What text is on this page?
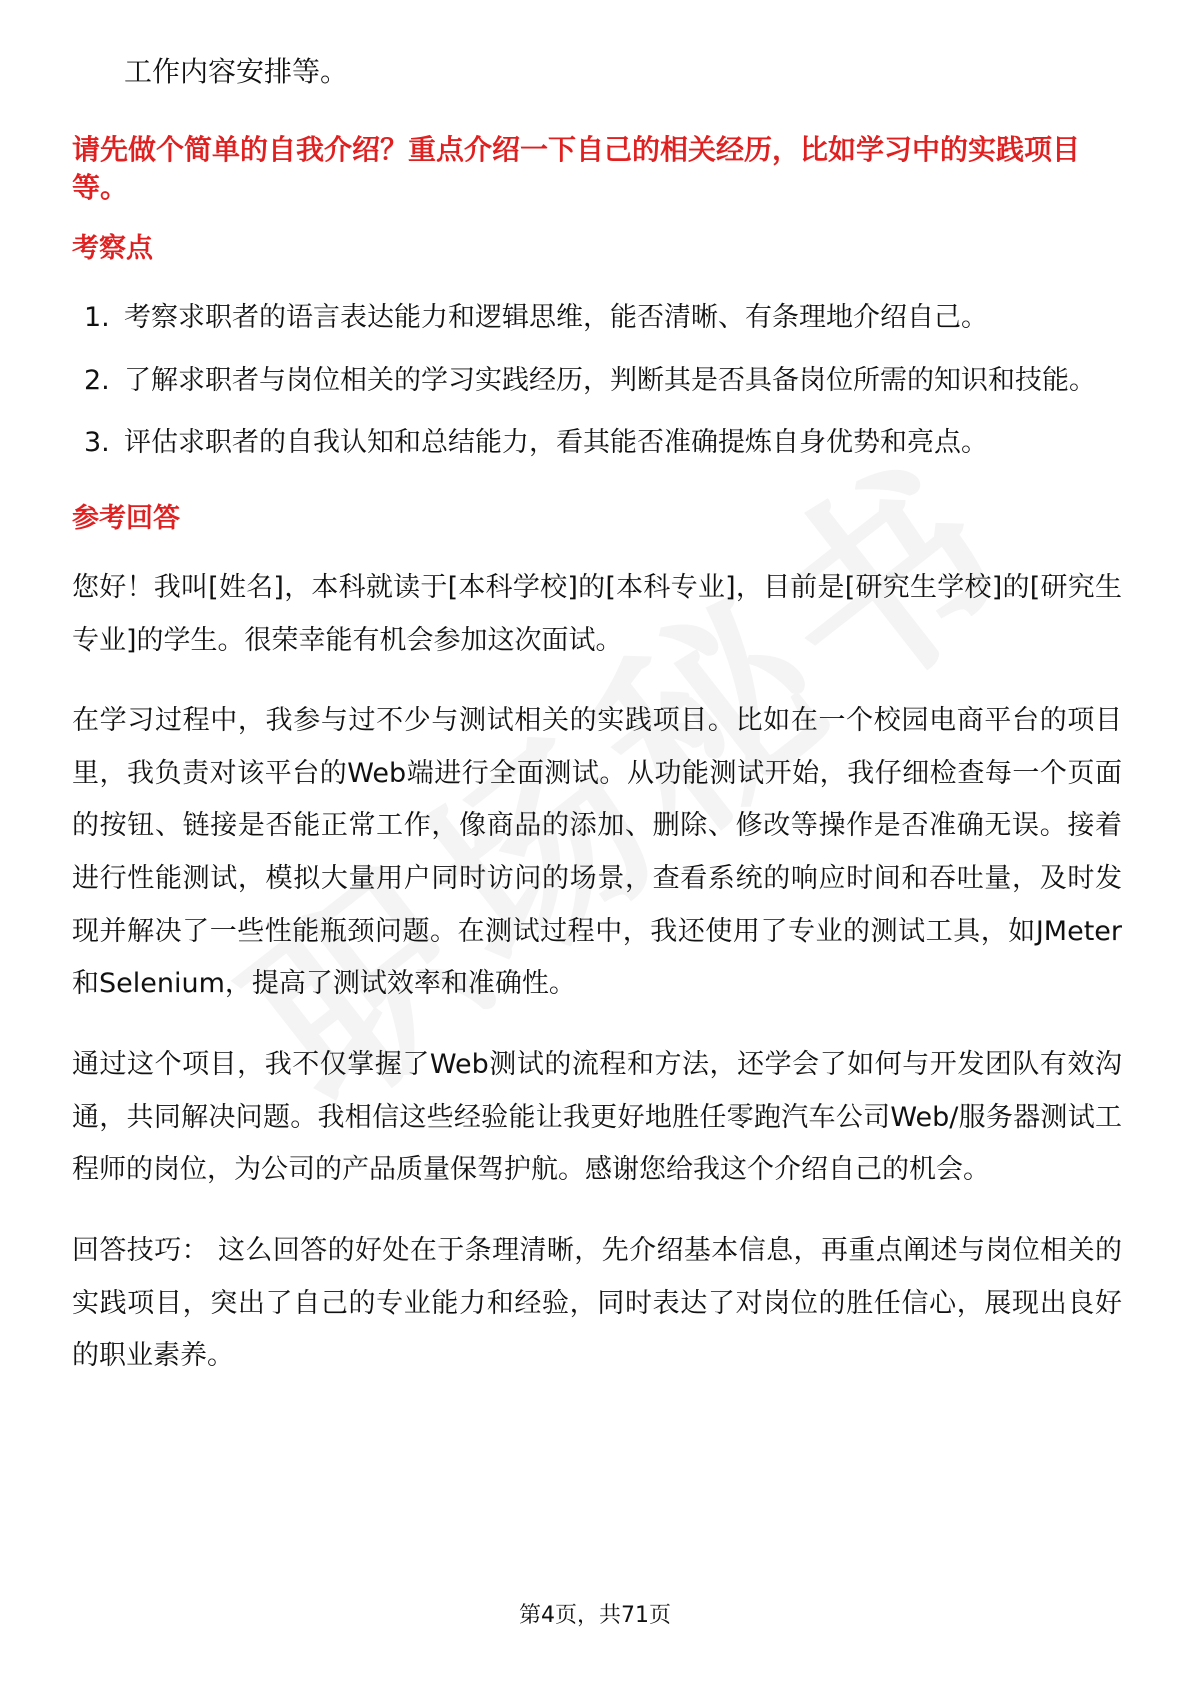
工作内容安排等。
请先做个简单的自我介绍？重点介绍一下自己的相关经历，比如学习中的实践项目等。
考察点
1. 考察求职者的语言表达能力和逻辑思维，能否清晰、有条理地介绍自己。
2. 了解求职者与岗位相关的学习实践经历，判断其是否具备岗位所需的知识和技能。
3. 评估求职者的自我认知和总结能力，看其能否准确提炼自身优势和亮点。
参考回答

您好！我叫[姓名]，本科就读于[本科学校]的[本科专业]，目前是[研究生学校]的[研究生专业]的学生。很荣幸能有机会参加这次面试。

在学习过程中，我参与过不少与测试相关的实践项目。比如在一个校园电商平台的项目里，我负责对该平台的Web端进行全面测试。从功能测试开始，我仔细检查每一个页面的按钮、链接是否能正常工作，像商品的添加、删除、修改等操作是否准确无误。接着进行性能测试，模拟大量用户同时访问的场景，查看系统的响应时间和吞吐量，及时发现并解决了一些性能瓶颈问题。在测试过程中，我还使用了专业的测试工具，如JMeter和Selenium，提高了测试效率和准确性。

通过这个项目，我不仅掌握了Web测试的流程和方法，还学会了如何与开发团队有效沟通，共同解决问题。我相信这些经验能让我更好地胜任零跑汽车公司Web/服务器测试工程师的岗位，为公司的产品质量保驾护航。感谢您给我这个介绍自己的机会。

回答技巧： 这么回答的好处在于条理清晰，先介绍基本信息，再重点阐述与岗位相关的实践项目，突出了自己的专业能力和经验，同时表达了对岗位的胜任信心，展现出良好的职业素养。

第4页，共71页
